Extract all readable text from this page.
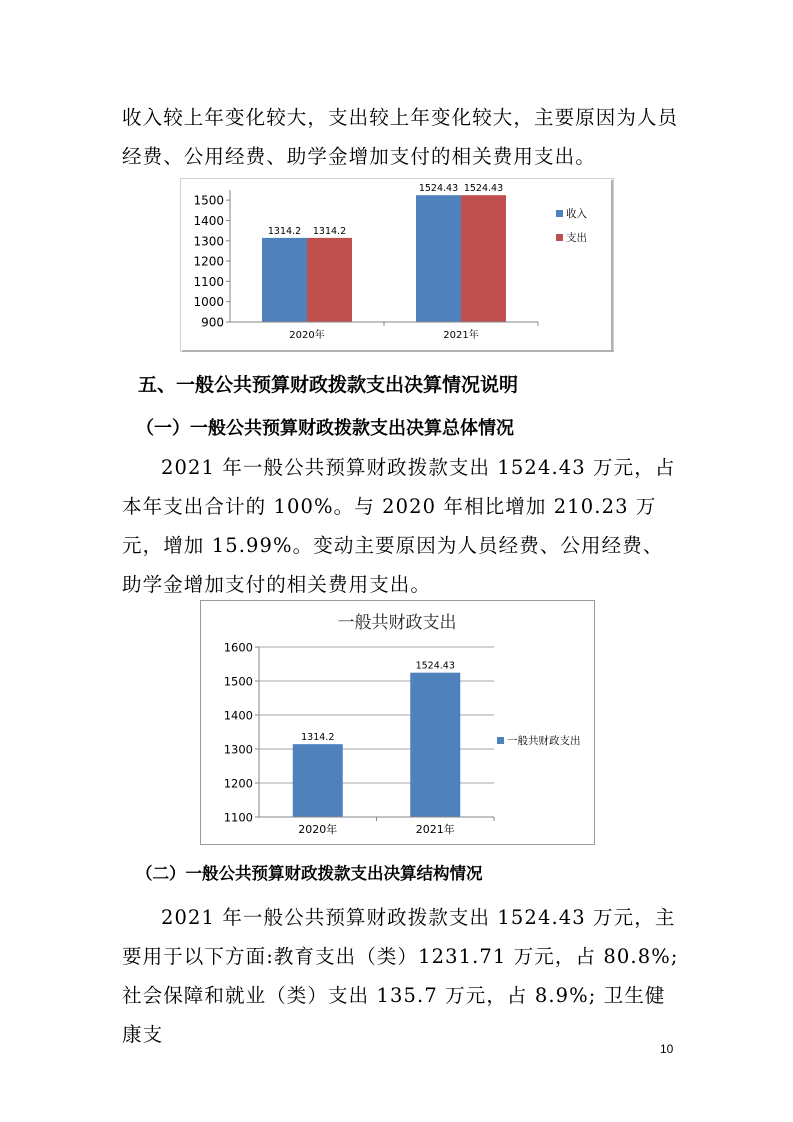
收入较上年变化较大，支出较上年变化较大，主要原因为人员经费、公用经费、助学金增加支付的相关费用支出。

1314.2 1314.2
1524.43 1524.43
900
1000
1100
1200
1300
1400
1500
2020年	2021年
收入
支出
五、一般公共预算财政拨款支出决算情况说明
（一）一般公共预算财政拨款支出决算总体情况

2021 年一般公共预算财政拨款支出 1524.43 万元，占本年支出合计的 100%。与 2020 年相比增加 210.23 万元，增加 15.99%。变动主要原因为人员经费、公用经费、助学金增加支付的相关费用支出。

一般共财政支出
1314.2
1524.43
1100
1200
1300
1400
1500
1600
2020年	2021年
一般共财政支出
（二）一般公共预算财政拨款支出决算结构情况

2021 年一般公共预算财政拨款支出 1524.43 万元，主要用于以下方面:教育支出（类）1231.71 万元，占 80.8%; 社会保障和就业（类）支出 135.7 万元，占 8.9%; 卫生健康支

10
